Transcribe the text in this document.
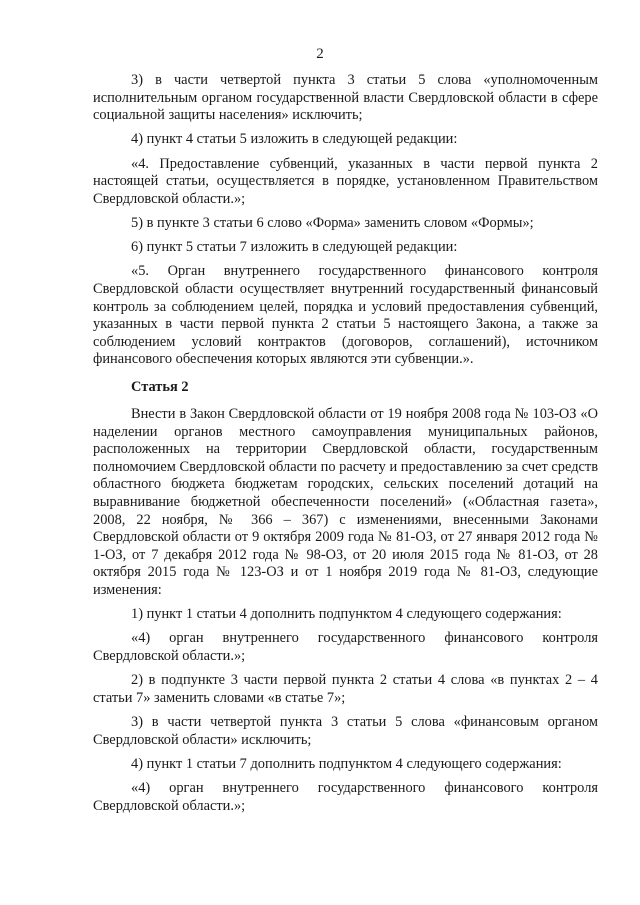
2

3) в части четвертой пункта 3 статьи 5 слова «уполномоченным исполнительным органом государственной власти Свердловской области в сфере социальной защиты населения» исключить;

4) пункт 4 статьи 5 изложить в следующей редакции:

«4. Предоставление субвенций, указанных в части первой пункта 2 настоящей статьи, осуществляется в порядке, установленном Правительством Свердловской области.»;

5) в пункте 3 статьи 6 слово «Форма» заменить словом «Формы»;

6) пункт 5 статьи 7 изложить в следующей редакции:

«5. Орган внутреннего государственного финансового контроля Свердловской области осуществляет внутренний государственный финансовый контроль за соблюдением целей, порядка и условий предоставления субвенций, указанных в части первой пункта 2 статьи 5 настоящего Закона, а также за соблюдением условий контрактов (договоров, соглашений), источником финансового обеспечения которых являются эти субвенции.».

Статья 2

Внести в Закон Свердловской области от 19 ноября 2008 года № 103-ОЗ «О наделении органов местного самоуправления муниципальных районов, расположенных на территории Свердловской области, государственным полномочием Свердловской области по расчету и предоставлению за счет средств областного бюджета бюджетам городских, сельских поселений дотаций на выравнивание бюджетной обеспеченности поселений» («Областная газета», 2008, 22 ноября, № 366 – 367) с изменениями, внесенными Законами Свердловской области от 9 октября 2009 года № 81-ОЗ, от 27 января 2012 года № 1-ОЗ, от 7 декабря 2012 года № 98-ОЗ, от 20 июля 2015 года № 81-ОЗ, от 28 октября 2015 года № 123-ОЗ и от 1 ноября 2019 года № 81-ОЗ, следующие изменения:

1) пункт 1 статьи 4 дополнить подпунктом 4 следующего содержания:

«4) орган внутреннего государственного финансового контроля Свердловской области.»;

2) в подпункте 3 части первой пункта 2 статьи 4 слова «в пунктах 2 – 4 статьи 7» заменить словами «в статье 7»;

3) в части четвертой пункта 3 статьи 5 слова «финансовым органом Свердловской области» исключить;

4) пункт 1 статьи 7 дополнить подпунктом 4 следующего содержания:

«4) орган внутреннего государственного финансового контроля Свердловской области.»;
